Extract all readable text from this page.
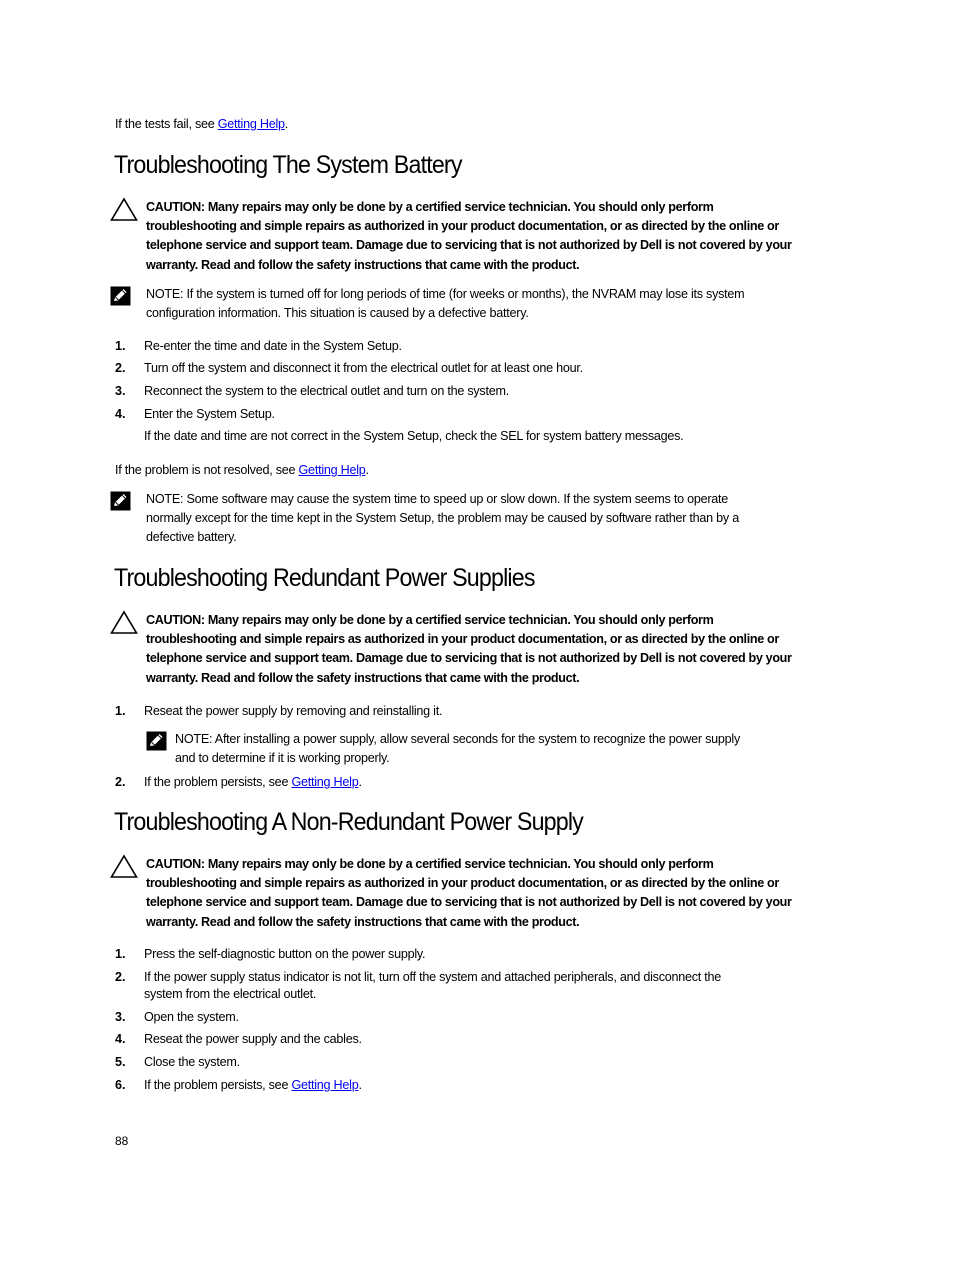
If the tests fail, see Getting Help.
Troubleshooting The System Battery
CAUTION: Many repairs may only be done by a certified service technician. You should only perform
troubleshooting and simple repairs as authorized in your product documentation, or as directed by the online or
telephone service and support team. Damage due to servicing that is not authorized by Dell is not covered by your
warranty. Read and follow the safety instructions that came with the product.
NOTE: If the system is turned off for long periods of time (for weeks or months), the NVRAM may lose its system
configuration information. This situation is caused by a defective battery.
1. Re-enter the time and date in the System Setup.
2. Turn off the system and disconnect it from the electrical outlet for at least one hour.
3. Reconnect the system to the electrical outlet and turn on the system.
4. Enter the System Setup.
If the date and time are not correct in the System Setup, check the SEL for system battery messages.
If the problem is not resolved, see Getting Help.
NOTE: Some software may cause the system time to speed up or slow down. If the system seems to operate
normally except for the time kept in the System Setup, the problem may be caused by software rather than by a
defective battery.
Troubleshooting Redundant Power Supplies
CAUTION: Many repairs may only be done by a certified service technician. You should only perform
troubleshooting and simple repairs as authorized in your product documentation, or as directed by the online or
telephone service and support team. Damage due to servicing that is not authorized by Dell is not covered by your
warranty. Read and follow the safety instructions that came with the product.
1. Reseat the power supply by removing and reinstalling it.
NOTE: After installing a power supply, allow several seconds for the system to recognize the power supply
and to determine if it is working properly.
2. If the problem persists, see Getting Help.
Troubleshooting A Non-Redundant Power Supply
CAUTION: Many repairs may only be done by a certified service technician. You should only perform
troubleshooting and simple repairs as authorized in your product documentation, or as directed by the online or
telephone service and support team. Damage due to servicing that is not authorized by Dell is not covered by your
warranty. Read and follow the safety instructions that came with the product.
1. Press the self-diagnostic button on the power supply.
2. If the power supply status indicator is not lit, turn off the system and attached peripherals, and disconnect the
system from the electrical outlet.
3. Open the system.
4. Reseat the power supply and the cables.
5. Close the system.
6. If the problem persists, see Getting Help.
88
